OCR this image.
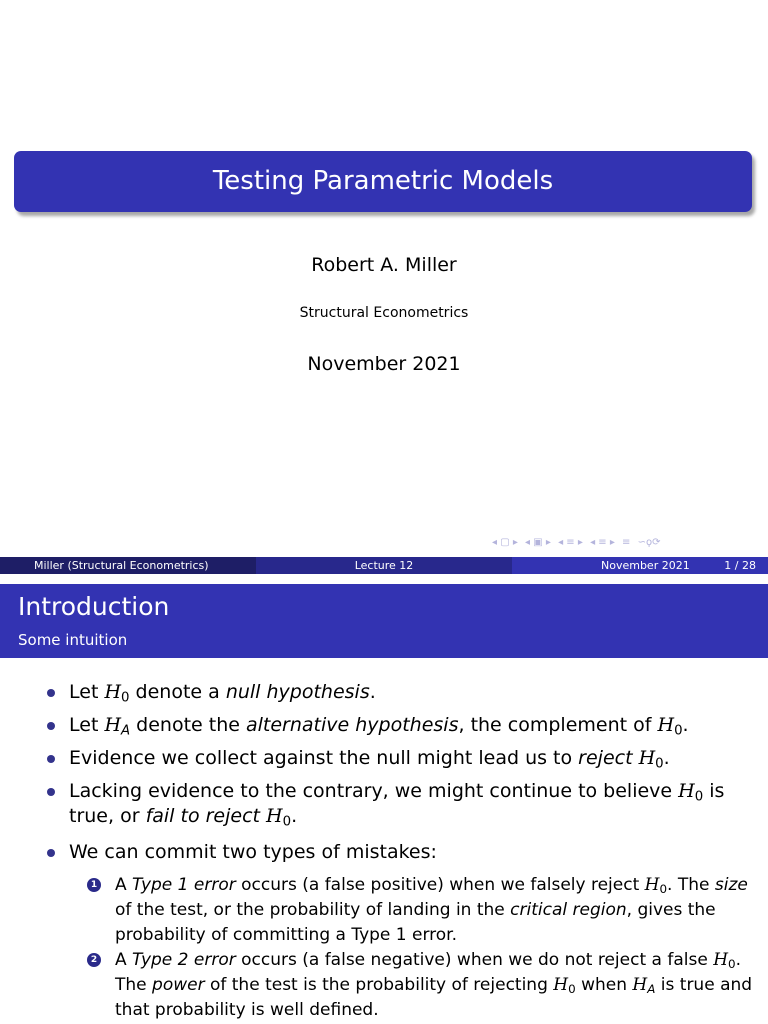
Testing Parametric Models
Robert A. Miller
Structural Econometrics
November 2021
◂ ▢ ▸ ◂ ▣ ▸ ◂ ≡ ▸ ◂ ≡ ▸ ≡ ∽ϙ⟳
Miller (Structural Econometrics)	Lecture 12	November 2021	1 / 28
Introduction
Some intuition
Let $H_0$ denote a null hypothesis.
Let $H_A$ denote the alternative hypothesis, the complement of $H_0$.
Evidence we collect against the null might lead us to reject $H_0$.
Lacking evidence to the contrary, we might continue to believe $H_0$ is true, or fail to reject $H_0$.
We can commit two types of mistakes:
1 A Type 1 error occurs (a false positive) when we falsely reject $H_0$. The size of the test, or the probability of landing in the critical region, gives the probability of committing a Type 1 error.
2 A Type 2 error occurs (a false negative) when we do not reject a false $H_0$. The power of the test is the probability of rejecting $H_0$ when $H_A$ is true and that probability is well defined.
